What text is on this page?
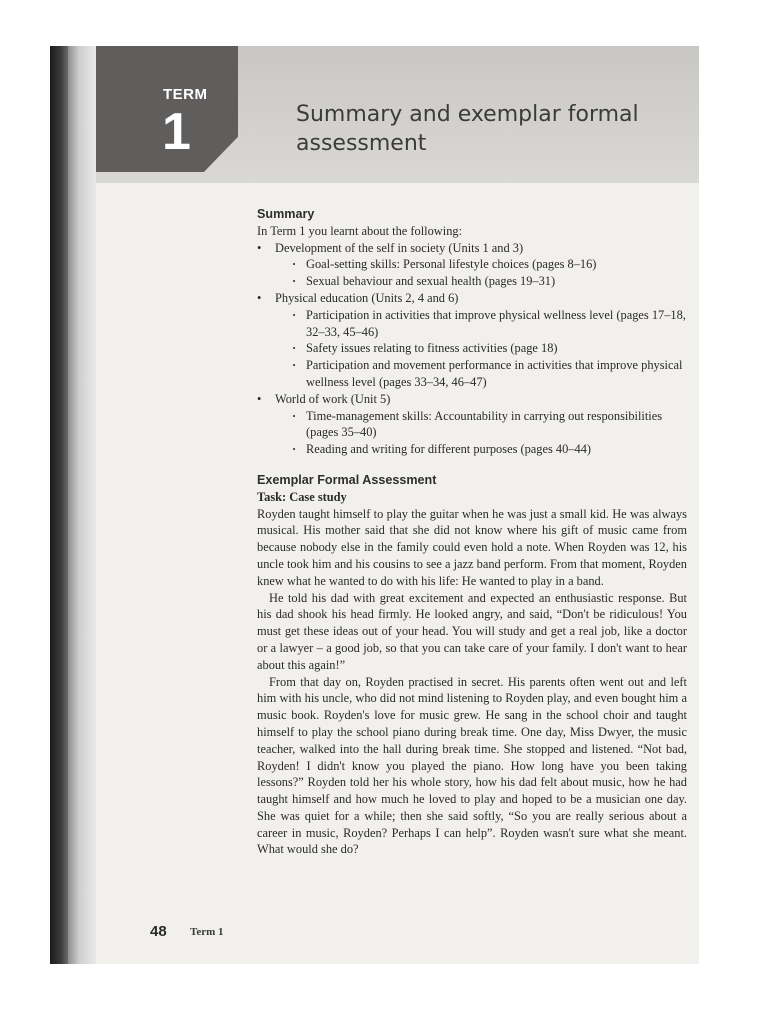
TERM
1	Summary and exemplar formal assessment
Summary

In Term 1 you learnt about the following:

• Development of the self in society (Units 1 and 3)
· Goal-setting skills: Personal lifestyle choices (pages 8–16)
· Sexual behaviour and sexual health (pages 19–31)
• Physical education (Units 2, 4 and 6)
· Participation in activities that improve physical wellness level (pages 17–18, 32–33, 45–46)
· Safety issues relating to fitness activities (page 18)
· Participation and movement performance in activities that improve physical wellness level (pages 33–34, 46–47)
• World of work (Unit 5)
· Time-management skills: Accountability in carrying out responsibilities (pages 35–40)
· Reading and writing for different purposes (pages 40–44)
Exemplar Formal Assessment

Task: Case study

Royden taught himself to play the guitar when he was just a small kid. He was always musical. His mother said that she did not know where his gift of music came from because nobody else in the family could even hold a note. When Royden was 12, his uncle took him and his cousins to see a jazz band perform. From that moment, Royden knew what he wanted to do with his life: He wanted to play in a band.

He told his dad with great excitement and expected an enthusiastic response. But his dad shook his head firmly. He looked angry, and said, “Don't be ridiculous! You must get these ideas out of your head. You will study and get a real job, like a doctor or a lawyer – a good job, so that you can take care of your family. I don't want to hear about this again!”

From that day on, Royden practised in secret. His parents often went out and left him with his uncle, who did not mind listening to Royden play, and even bought him a music book. Royden's love for music grew. He sang in the school choir and taught himself to play the school piano during break time. One day, Miss Dwyer, the music teacher, walked into the hall during break time. She stopped and listened. “Not bad, Royden! I didn't know you played the piano. How long have you been taking lessons?” Royden told her his whole story, how his dad felt about music, how he had taught himself and how much he loved to play and hoped to be a musician one day. She was quiet for a while; then she said softly, “So you are really serious about a career in music, Royden? Perhaps I can help”. Royden wasn't sure what she meant. What would she do?

48 Term 1
